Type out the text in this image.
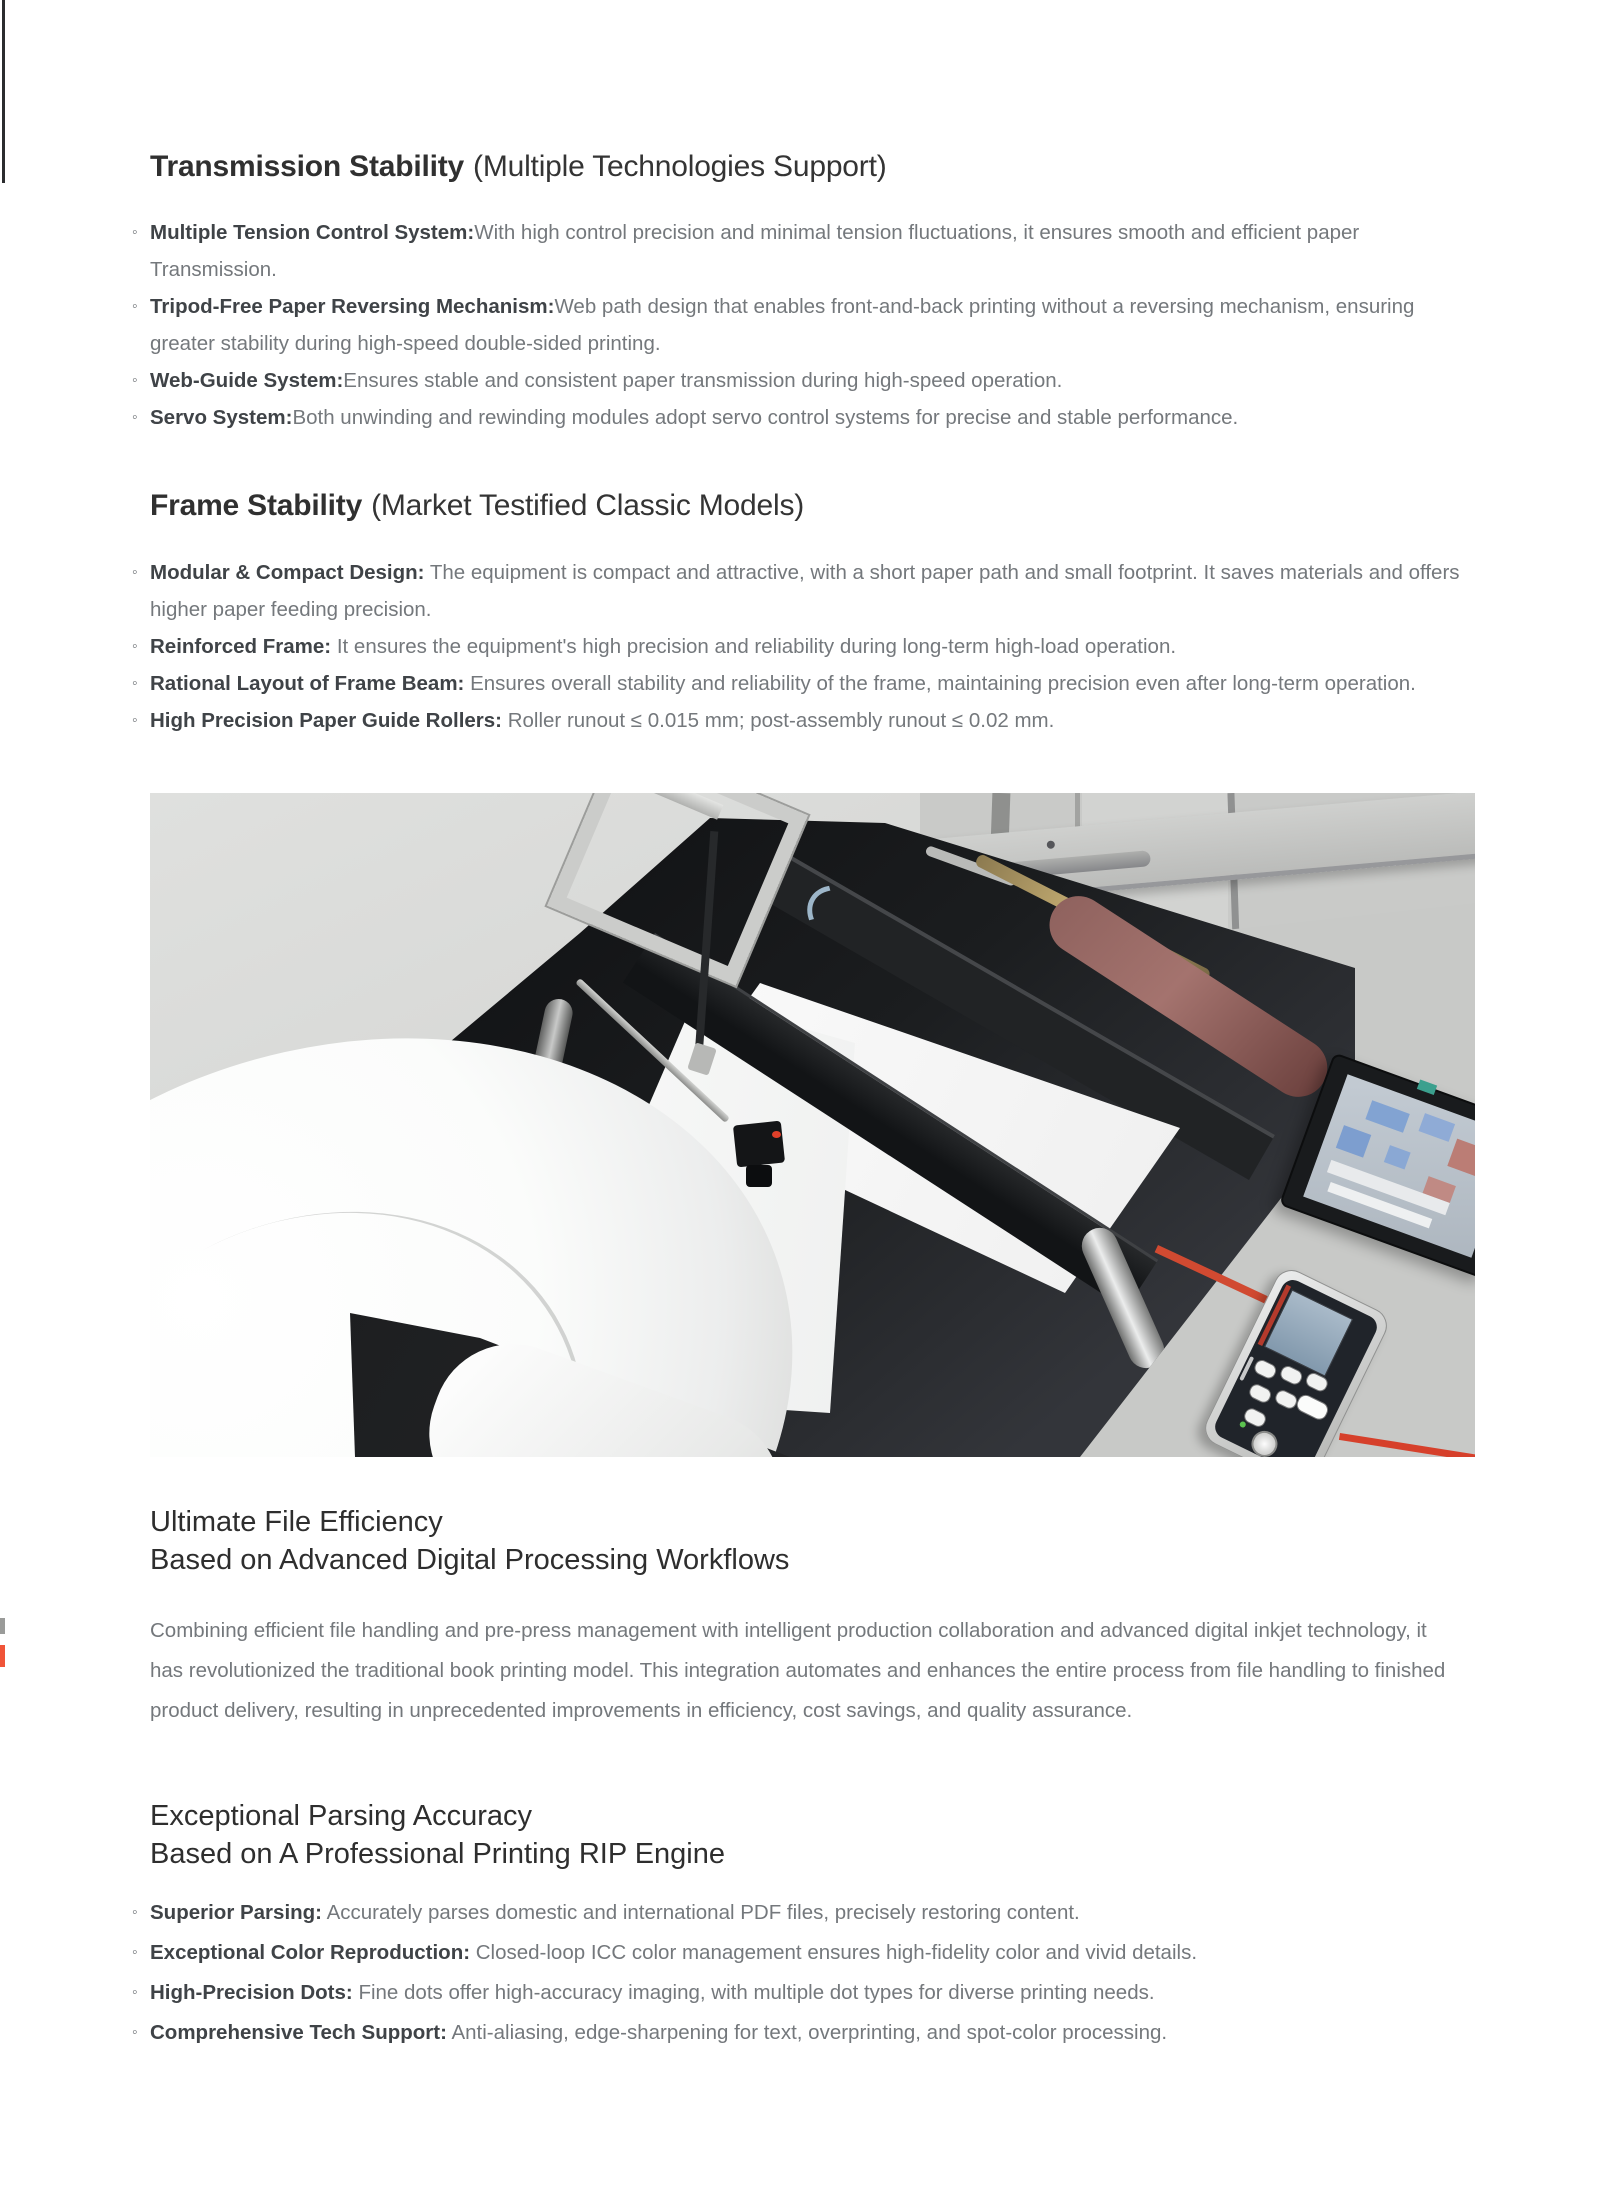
Transmission Stability (Multiple Technologies Support)
◦ Multiple Tension Control System:With high control precision and minimal tension fluctuations, it ensures smooth and efficient paper Transmission.
◦ Tripod-Free Paper Reversing Mechanism:Web path design that enables front-and-back printing without a reversing mechanism, ensuring greater stability during high-speed double-sided printing.
◦ Web-Guide System:Ensures stable and consistent paper transmission during high-speed operation.
◦ Servo System:Both unwinding and rewinding modules adopt servo control systems for precise and stable performance.
Frame Stability (Market Testified Classic Models)
◦ Modular & Compact Design: The equipment is compact and attractive, with a short paper path and small footprint. It saves materials and offers higher paper feeding precision.
◦ Reinforced Frame: It ensures the equipment's high precision and reliability during long-term high-load operation.
◦ Rational Layout of Frame Beam: Ensures overall stability and reliability of the frame, maintaining precision even after long-term operation.
◦ High Precision Paper Guide Rollers: Roller runout ≤ 0.015 mm; post-assembly runout ≤ 0.02 mm.
Ultimate File Efficiency
Based on Advanced Digital Processing Workflows
Combining efficient file handling and pre-press management with intelligent production collaboration and advanced digital inkjet technology, it has revolutionized the traditional book printing model. This integration automates and enhances the entire process from file handling to finished product delivery, resulting in unprecedented improvements in efficiency, cost savings, and quality assurance.
Exceptional Parsing Accuracy
Based on A Professional Printing RIP Engine
◦ Superior Parsing: Accurately parses domestic and international PDF files, precisely restoring content.
◦ Exceptional Color Reproduction: Closed-loop ICC color management ensures high-fidelity color and vivid details.
◦ High-Precision Dots: Fine dots offer high-accuracy imaging, with multiple dot types for diverse printing needs.
◦ Comprehensive Tech Support: Anti-aliasing, edge-sharpening for text, overprinting, and spot-color processing.
